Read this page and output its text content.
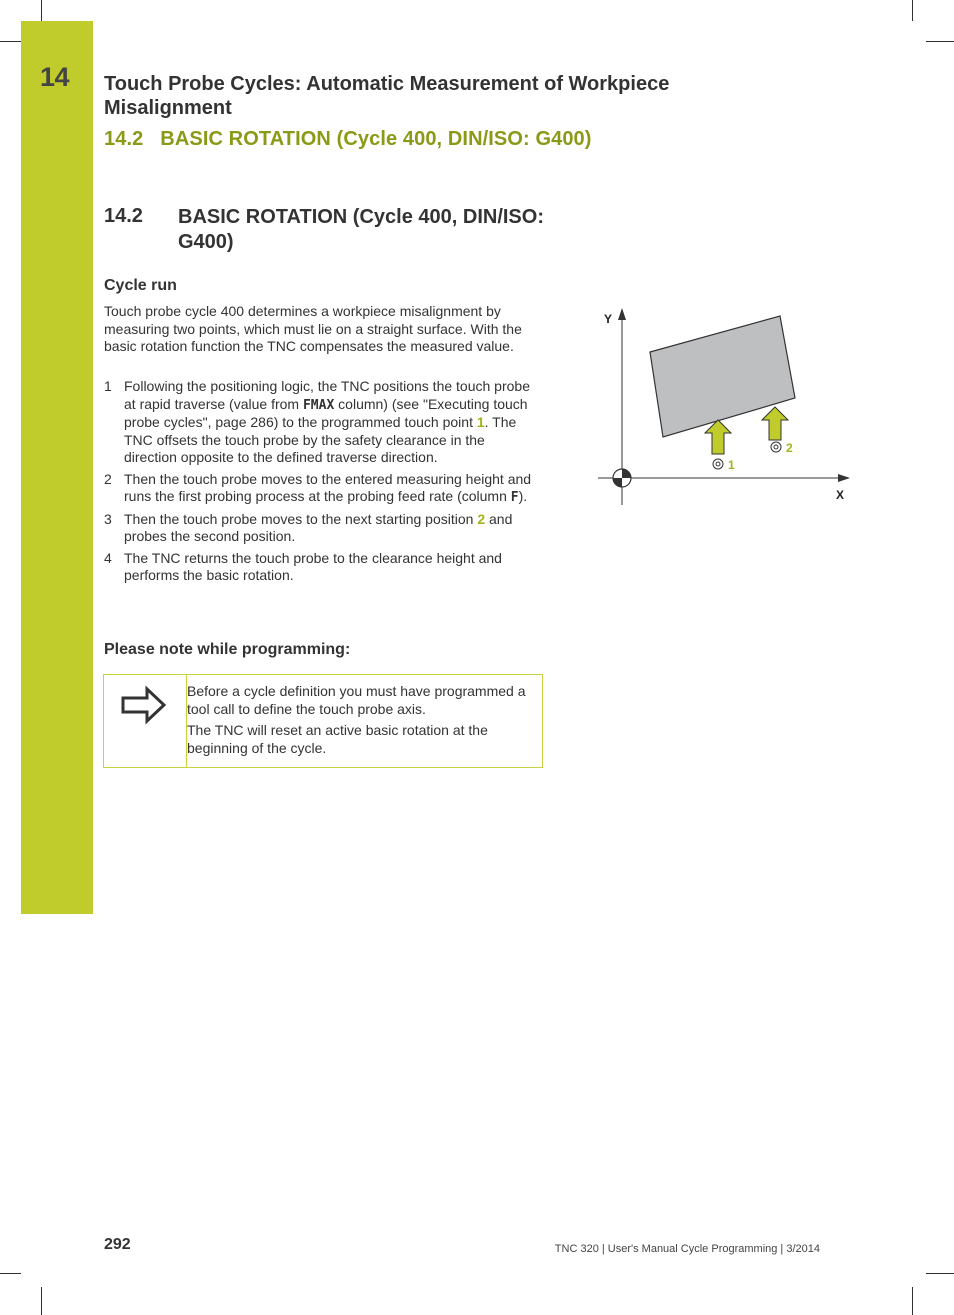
14 Touch Probe Cycles: Automatic Measurement of Workpiece Misalignment
14.2   BASIC ROTATION (Cycle 400, DIN/ISO: G400)
14.2 BASIC ROTATION (Cycle 400, DIN/ISO: G400)
Cycle run
Touch probe cycle 400 determines a workpiece misalignment by measuring two points, which must lie on a straight surface. With the basic rotation function the TNC compensates the measured value.
1 Following the positioning logic, the TNC positions the touch probe at rapid traverse (value from FMAX column) (see "Executing touch probe cycles", page 286) to the programmed touch point 1. The TNC offsets the touch probe by the safety clearance in the direction opposite to the defined traverse direction.
2 Then the touch probe moves to the entered measuring height and runs the first probing process at the probing feed rate (column F).
3 Then the touch probe moves to the next starting position 2 and probes the second position.
4 The TNC returns the touch probe to the clearance height and performs the basic rotation.
Please note while programming:

Before a cycle definition you must have programmed a tool call to define the touch probe axis.

The TNC will reset an active basic rotation at the beginning of the cycle.

Y
X
1
2
292	TNC 320 | User's Manual Cycle Programming | 3/2014
